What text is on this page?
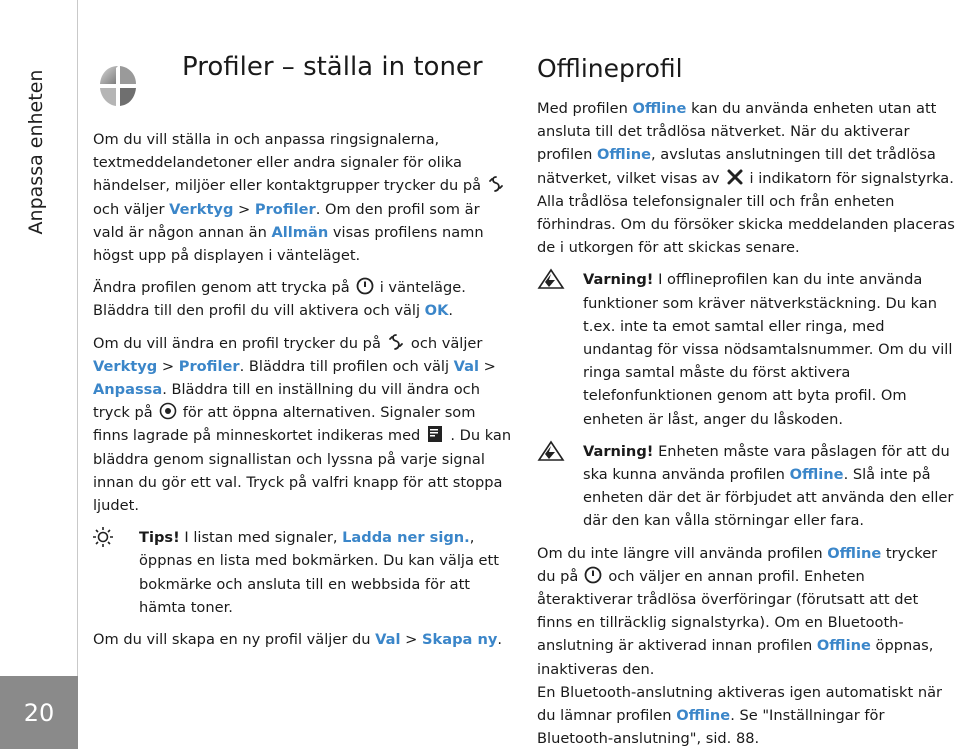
Anpassa enheten
20
Profiler – ställa in toner Offlineprofil

Om du vill ställa in och anpassa ringsignalerna, textmeddelandetoner eller andra signaler för olika händelser, miljöer eller kontaktgrupper trycker du påoch väljer Verktyg > Profiler. Om den profil som är vald är någon annan än Allmän visas profilens namn högst upp på displayen i vänteläget.

Ändra profilen genom att trycka på i vänteläge. Bläddra till den profil du vill aktivera och välj OK.

Om du vill ändra en profil trycker du på och väljer Verktyg > Profiler. Bläddra till profilen och välj Val > Anpassa. Bläddra till en inställning du vill ändra och tryck på för att öppna alternativen. Signaler som finns lagrade på minneskortet indikeras med . Du kan bläddra genom signallistan och lyssna på varje signal innan du gör ett val. Tryck på valfri knapp för att stoppa ljudet.

Tips! I listan med signaler, Ladda ner sign., öppnas en lista med bokmärken. Du kan välja ett bokmärke och ansluta till en webbsida för att hämta toner.

Om du vill skapa en ny profil väljer du Val > Skapa ny.

Med profilen Offline kan du använda enheten utan att ansluta till det trådlösa nätverket. När du aktiverar profilen Offline, avslutas anslutningen till det trådlösa nätverket, vilket visas av i indikatorn för signalstyrka. Alla trådlösa telefonsignaler till och från enheten förhindras. Om du försöker skicka meddelanden placeras de i utkorgen för att skickas senare.

Varning! I offlineprofilen kan du inte använda funktioner som kräver nätverkstäckning. Du kan t.ex. inte ta emot samtal eller ringa, med undantag för vissa nödsamtalsnummer. Om du vill ringa samtal måste du först aktivera telefonfunktionen genom att byta profil. Om enheten är låst, anger du låskoden.

Varning! Enheten måste vara påslagen för att du ska kunna använda profilen Offline. Slå inte på enheten där det är förbjudet att använda den eller där den kan vålla störningar eller fara.

Om du inte längre vill använda profilen Offline trycker du på och väljer en annan profil. Enheten återaktiverar trådlösa överföringar (förutsatt att det finns en tillräcklig signalstyrka). Om en Bluetooth-anslutning är aktiverad innan profilen Offline öppnas, inaktiveras den.

En Bluetooth-anslutning aktiveras igen automatiskt när du lämnar profilen Offline. Se "Inställningar för Bluetooth-anslutning", sid. 88.
